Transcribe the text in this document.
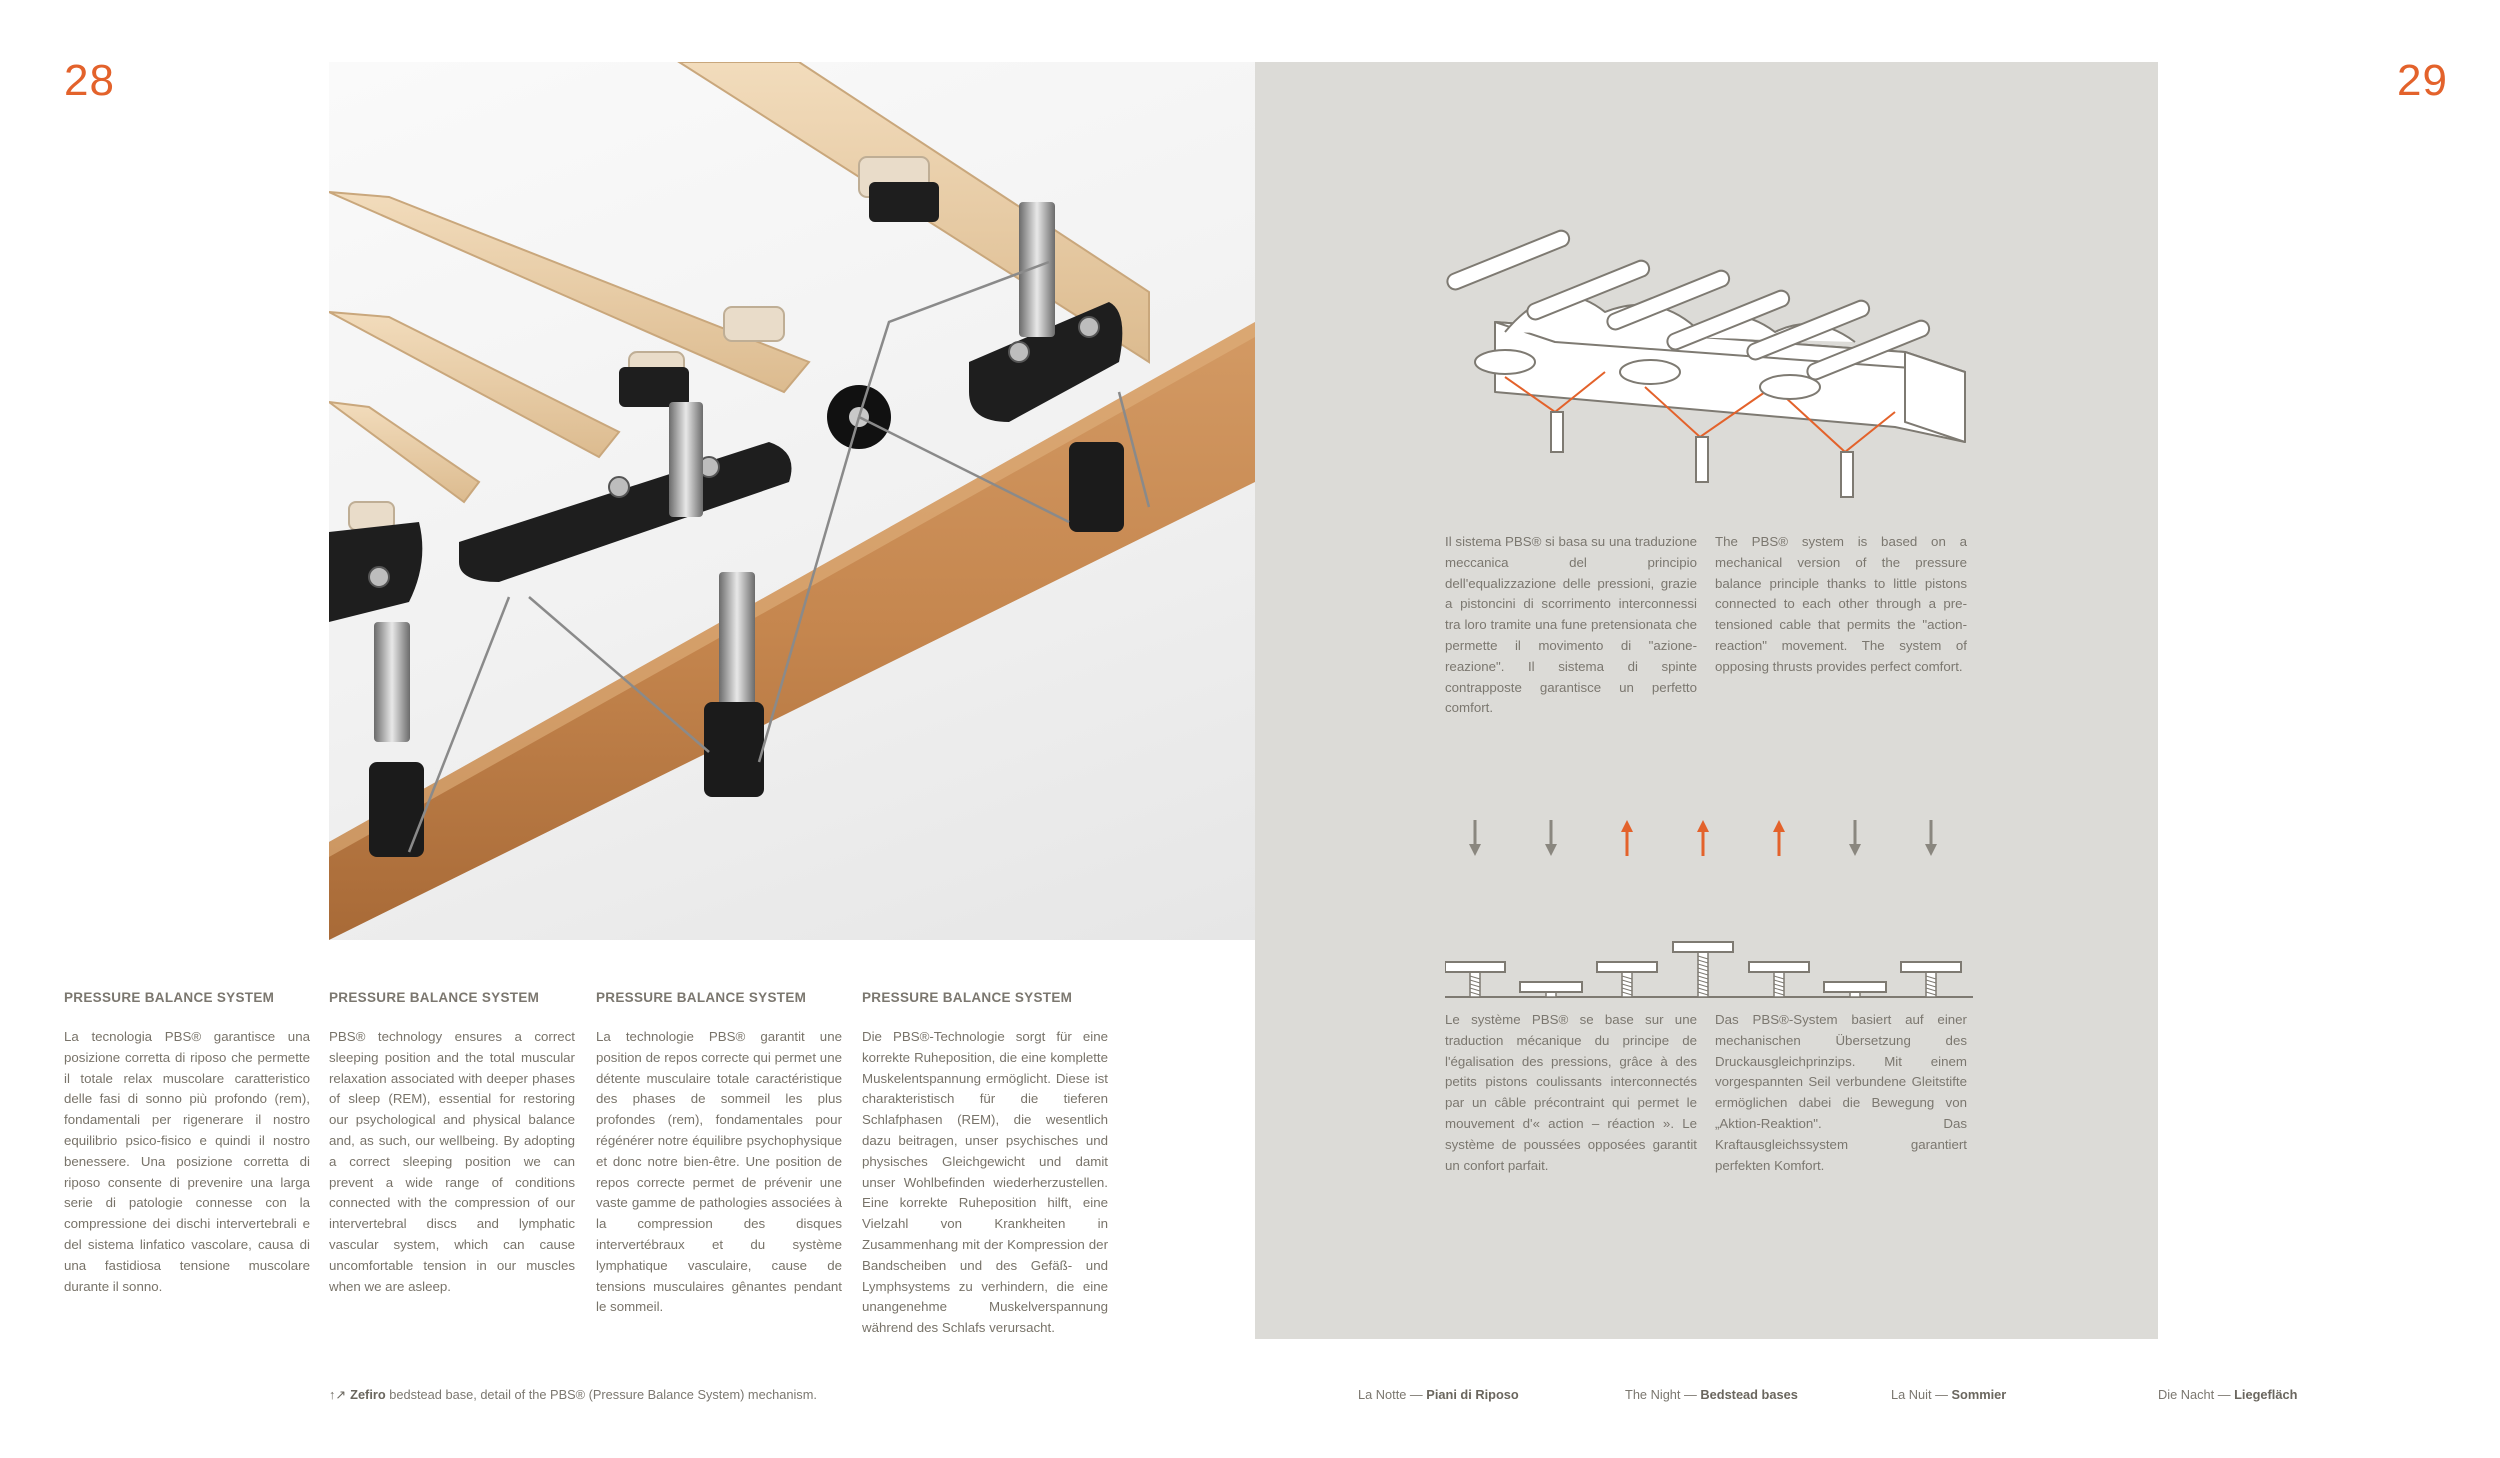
28	29

Il sistema PBS® si basa su una traduzione meccanica del principio dell'equalizzazione delle pressioni, grazie a pistoncini di scorrimento interconnessi tra loro tramite una fune pretensionata che permette il movimento di "azione-reazione". Il sistema di spinte contrapposte garantisce un perfetto comfort.

The PBS® system is based on a mechanical version of the pressure balance principle thanks to little pistons connected to each other through a pre-tensioned cable that permits the "action-reaction" movement. The system of opposing thrusts provides perfect comfort.

Le système PBS® se base sur une traduction mécanique du principe de l'égalisation des pressions, grâce à des petits pistons coulissants interconnectés par un câble précontraint qui permet le mouvement d'« action – réaction ». Le système de poussées opposées garantit un confort parfait.

Das PBS®-System basiert auf einer mechanischen Übersetzung des Druckausgleichprinzips. Mit einem vorgespannten Seil verbundene Gleitstifte ermöglichen dabei die Bewegung von „Aktion-Reaktion". Das Kraftausgleichssystem garantiert perfekten Komfort.

PRESSURE BALANCE SYSTEM

La tecnologia PBS® garantisce una posizione corretta di riposo che permette il totale relax muscolare caratteristico delle fasi di sonno più profondo (rem), fondamentali per rigenerare il nostro equilibrio psico-fisico e quindi il nostro benessere. Una posizione corretta di riposo consente di prevenire una larga serie di patologie connesse con la compressione dei dischi intervertebrali e del sistema linfatico vascolare, causa di una fastidiosa tensione muscolare durante il sonno.

PRESSURE BALANCE SYSTEM

PBS® technology ensures a correct sleeping position and the total muscular relaxation associated with deeper phases of sleep (REM), essential for restoring our psychological and physical balance and, as such, our wellbeing. By adopting a correct sleeping position we can prevent a wide range of conditions connected with the compression of our intervertebral discs and lymphatic vascular system, which can cause uncomfortable tension in our muscles when we are asleep.

PRESSURE BALANCE SYSTEM

La technologie PBS® garantit une position de repos correcte qui permet une détente musculaire totale caractéristique des phases de sommeil les plus profondes (rem), fondamentales pour régénérer notre équilibre psychophysique et donc notre bien-être. Une position de repos correcte permet de prévenir une vaste gamme de pathologies associées à la compression des disques intervertébraux et du système lymphatique vasculaire, cause de tensions musculaires gênantes pendant le sommeil.

PRESSURE BALANCE SYSTEM

Die PBS®-Technologie sorgt für eine korrekte Ruheposition, die eine komplette Muskelentspannung ermöglicht. Diese ist charakteristisch für die tieferen Schlafphasen (REM), die wesentlich dazu beitragen, unser psychisches und physisches Gleichgewicht und damit unser Wohlbefinden wiederherzustellen. Eine korrekte Ruheposition hilft, eine Vielzahl von Krankheiten in Zusammenhang mit der Kompression der Bandscheiben und des Gefäß- und Lymphsystems zu verhindern, die eine unangenehme Muskelverspannung während des Schlafs verursacht.

↑↗ Zefiro bedstead base, detail of the PBS® (Pressure Balance System) mechanism.	La Notte — Piani di Riposo	The Night — Bedstead bases	La Nuit — Sommier	Die Nacht — Liegefläch
